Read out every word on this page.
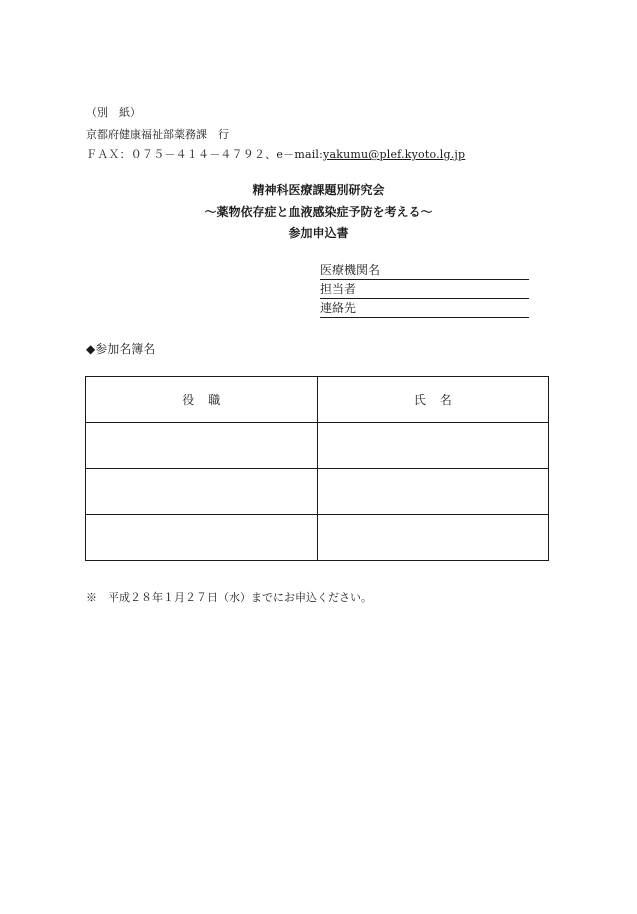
（別　紙）
京都府健康福祉部薬務課　行
ＦＡＸ：０７５－４１４－４７９２、e－mail:yakumu@plef.kyoto.lg.jp
精神科医療課題別研究会
～薬物依存症と血液感染症予防を考える～
参加申込書
医療機関名
担当者
連絡先
◆参加名簿名
役職	氏名

※　平成２８年１月２７日（水）までにお申込ください。
